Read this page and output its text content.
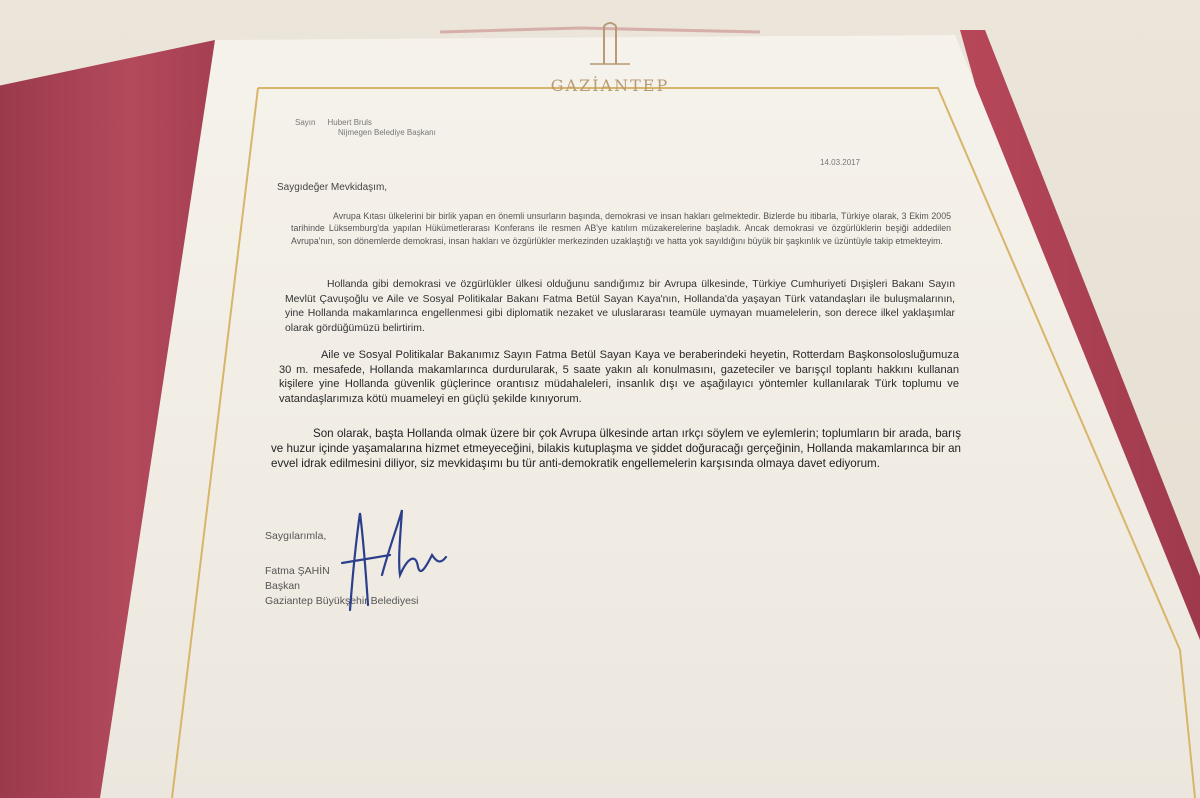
GAZİANTEP
Sayın Hubert Bruls
Nijmegen Belediye Başkanı
14.03.2017
Saygıdeğer Mevkidaşım,
Avrupa Kıtası ülkelerini bir birlik yapan en önemli unsurların başında, demokrasi ve insan hakları gelmektedir. Bizlerde bu itibarla, Türkiye olarak, 3 Ekim 2005 tarihinde Lüksemburg'da yapılan Hükümetlerarası Konferans ile resmen AB'ye katılım müzakerelerine başladık. Ancak demokrasi ve özgürlüklerin beşiği addedilen Avrupa'nın, son dönemlerde demokrasi, insan hakları ve özgürlükler merkezinden uzaklaştığı ve hatta yok sayıldığını büyük bir şaşkınlık ve üzüntüyle takip etmekteyim.
Hollanda gibi demokrasi ve özgürlükler ülkesi olduğunu sandığımız bir Avrupa ülkesinde, Türkiye Cumhuriyeti Dışişleri Bakanı Sayın Mevlüt Çavuşoğlu ve Aile ve Sosyal Politikalar Bakanı Fatma Betül Sayan Kaya'nın, Hollanda'da yaşayan Türk vatandaşları ile buluşmalarının, yine Hollanda makamlarınca engellenmesi gibi diplomatik nezaket ve uluslararası teamüle uymayan muamelelerin, son derece ilkel yaklaşımlar olarak gördüğümüzü belirtirim.
Aile ve Sosyal Politikalar Bakanımız Sayın Fatma Betül Sayan Kaya ve beraberindeki heyetin, Rotterdam Başkonsolosluğumuza 30 m. mesafede, Hollanda makamlarınca durdurularak, 5 saate yakın alı konulmasını, gazeteciler ve barışçıl toplantı hakkını kullanan kişilere yine Hollanda güvenlik güçlerince orantısız müdahaleleri, insanlık dışı ve aşağılayıcı yöntemler kullanılarak Türk toplumu ve vatandaşlarımıza kötü muameleyi en güçlü şekilde kınıyorum.
Son olarak, başta Hollanda olmak üzere bir çok Avrupa ülkesinde artan ırkçı söylem ve eylemlerin; toplumların bir arada, barış ve huzur içinde yaşamalarına hizmet etmeyeceğini, bilakis kutuplaşma ve şiddet doğuracağı gerçeğinin, Hollanda makamlarınca bir an evvel idrak edilmesini diliyor, siz mevkidaşımı bu tür anti-demokratik engellemelerin karşısında olmaya davet ediyorum.
Saygılarımla,
Fatma ŞAHİN
Başkan
Gaziantep Büyükşehir Belediyesi
